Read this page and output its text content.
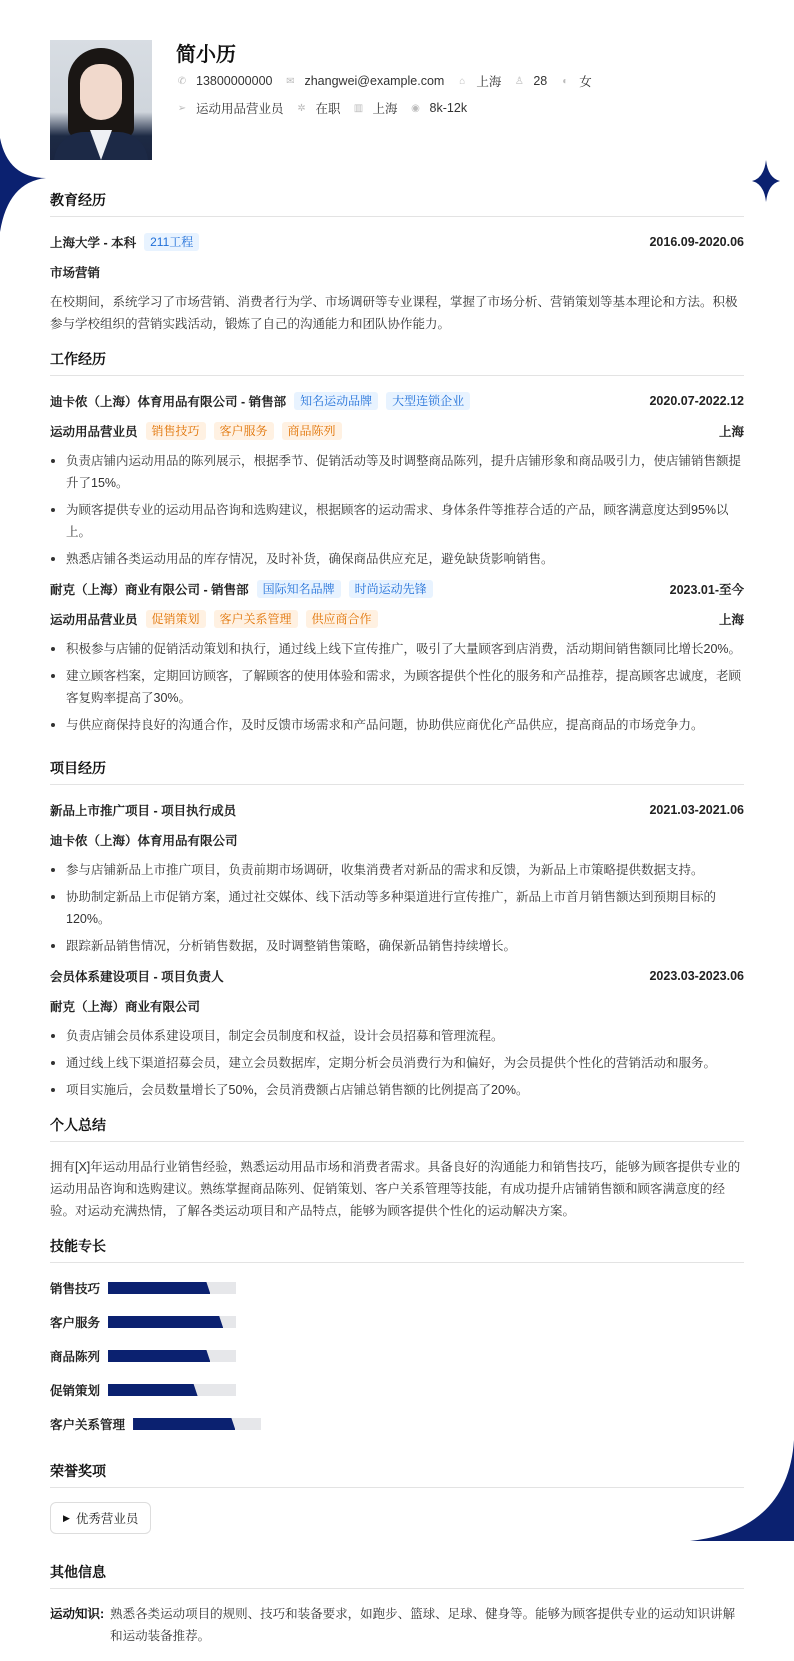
简小历
✆ 13800000000 ✉ zhangwei@example.com ⌂ 上海 ♙ 28 ◐ 女
➢ 运动用品营业员 ✲ 在职 ▥ 上海 ◉ 8k-12k
教育经历
上海大学 - 本科	211工程	2016.09-2020.06
市场营销
在校期间，系统学习了市场营销、消费者行为学、市场调研等专业课程，掌握了市场分析、营销策划等基本理论和方法。积极参与学校组织的营销实践活动，锻炼了自己的沟通能力和团队协作能力。
工作经历
迪卡侬（上海）体育用品有限公司 - 销售部	知名运动品牌	大型连锁企业	2020.07-2022.12
运动用品营业员	销售技巧	客户服务	商品陈列	上海
负责店铺内运动用品的陈列展示，根据季节、促销活动等及时调整商品陈列，提升店铺形象和商品吸引力，使店铺销售额提升了15%。
为顾客提供专业的运动用品咨询和选购建议，根据顾客的运动需求、身体条件等推荐合适的产品，顾客满意度达到95%以上。
熟悉店铺各类运动用品的库存情况，及时补货，确保商品供应充足，避免缺货影响销售。
耐克（上海）商业有限公司 - 销售部	国际知名品牌	时尚运动先锋	2023.01-至今
运动用品营业员	促销策划	客户关系管理	供应商合作	上海
积极参与店铺的促销活动策划和执行，通过线上线下宣传推广，吸引了大量顾客到店消费，活动期间销售额同比增长20%。
建立顾客档案，定期回访顾客，了解顾客的使用体验和需求，为顾客提供个性化的服务和产品推荐，提高顾客忠诚度，老顾客复购率提高了30%。
与供应商保持良好的沟通合作，及时反馈市场需求和产品问题，协助供应商优化产品供应，提高商品的市场竞争力。
项目经历
新品上市推广项目 - 项目执行成员	2021.03-2021.06
迪卡侬（上海）体育用品有限公司
参与店铺新品上市推广项目，负责前期市场调研，收集消费者对新品的需求和反馈，为新品上市策略提供数据支持。
协助制定新品上市促销方案，通过社交媒体、线下活动等多种渠道进行宣传推广，新品上市首月销售额达到预期目标的120%。
跟踪新品销售情况，分析销售数据，及时调整销售策略，确保新品销售持续增长。
会员体系建设项目 - 项目负责人	2023.03-2023.06
耐克（上海）商业有限公司
负责店铺会员体系建设项目，制定会员制度和权益，设计会员招募和管理流程。
通过线上线下渠道招募会员，建立会员数据库，定期分析会员消费行为和偏好，为会员提供个性化的营销活动和服务。
项目实施后，会员数量增长了50%，会员消费额占店铺总销售额的比例提高了20%。
个人总结
拥有[X]年运动用品行业销售经验，熟悉运动用品市场和消费者需求。具备良好的沟通能力和销售技巧，能够为顾客提供专业的运动用品咨询和选购建议。熟练掌握商品陈列、促销策划、客户关系管理等技能，有成功提升店铺销售额和顾客满意度的经验。对运动充满热情，了解各类运动项目和产品特点，能够为顾客提供个性化的运动解决方案。
技能专长
销售技巧
客户服务
商品陈列
促销策划
客户关系管理
荣誉奖项
▶ 优秀营业员
其他信息
运动知识: 熟悉各类运动项目的规则、技巧和装备要求，如跑步、篮球、足球、健身等。能够为顾客提供专业的运动知识讲解和运动装备推荐。
